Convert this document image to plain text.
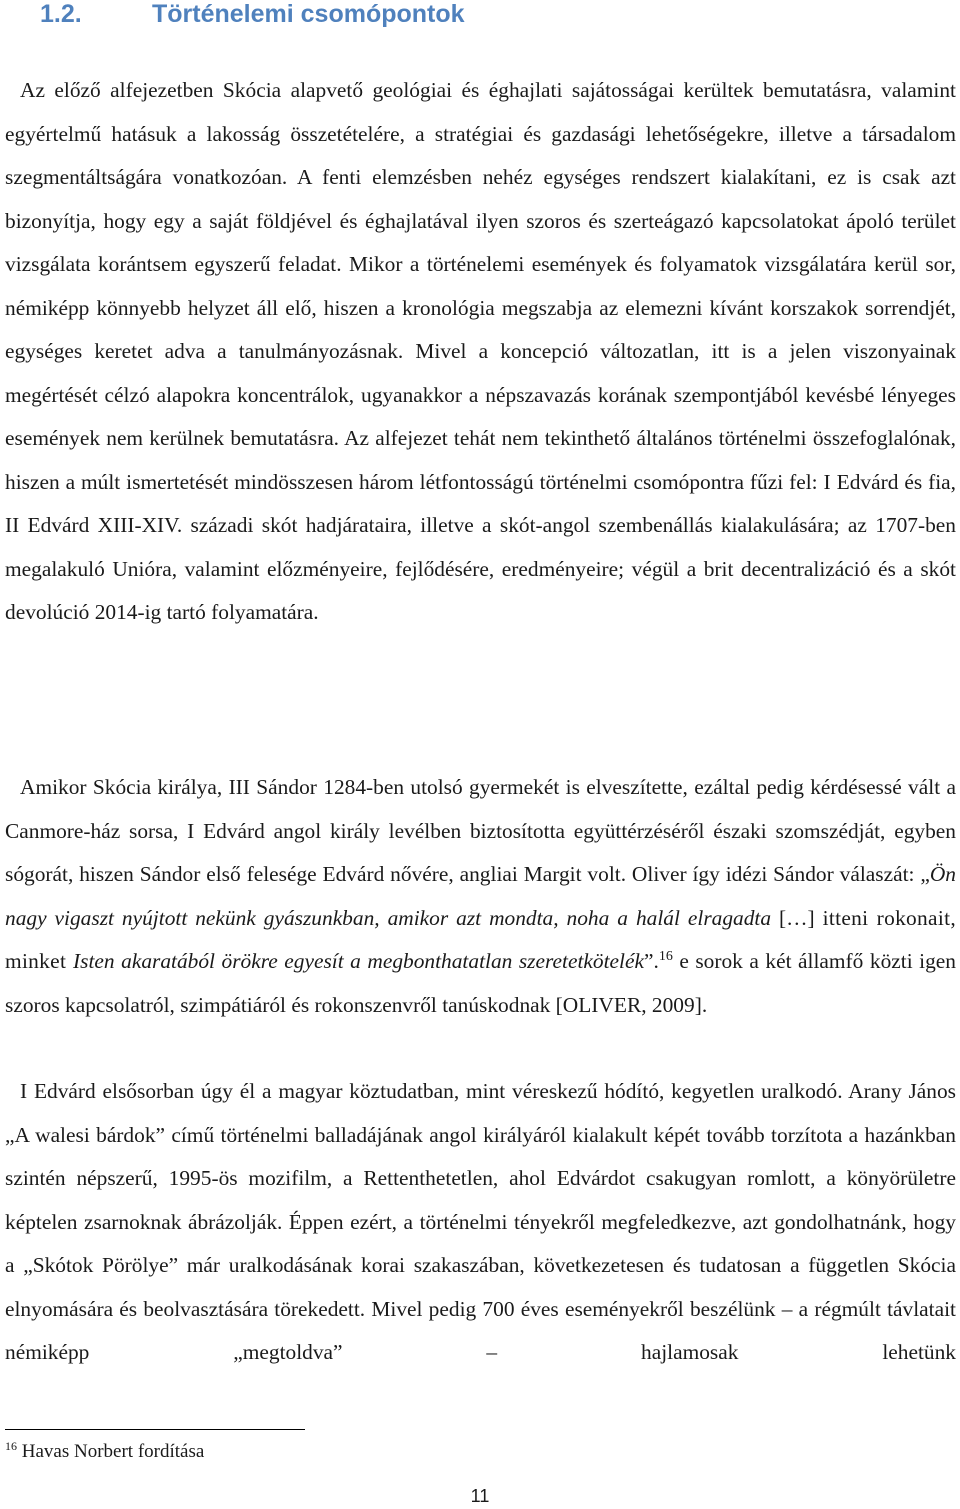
1.2.	Történelemi csomópontok

Az előző alfejezetben Skócia alapvető geológiai és éghajlati sajátosságai kerültek bemutatásra, valamint egyértelmű hatásuk a lakosság összetételére, a stratégiai és gazdasági lehetőségekre, illetve a társadalom szegmentáltságára vonatkozóan. A fenti elemzésben nehéz egységes rendszert kialakítani, ez is csak azt bizonyítja, hogy egy a saját földjével és éghajlatával ilyen szoros és szerteágazó kapcsolatokat ápoló terület vizsgálata korántsem egyszerű feladat. Mikor a történelemi események és folyamatok vizsgálatára kerül sor, némiképp könnyebb helyzet áll elő, hiszen a kronológia megszabja az elemezni kívánt korszakok sorrendjét, egységes keretet adva a tanulmányozásnak. Mivel a koncepció változatlan, itt is a jelen viszonyainak megértését célzó alapokra koncentrálok, ugyanakkor a népszavazás korának szempontjából kevésbé lényeges események nem kerülnek bemutatásra. Az alfejezet tehát nem tekinthető általános történelmi összefoglalónak, hiszen a múlt ismertetését mindösszesen három létfontosságú történelmi csomópontra fűzi fel: I Edvárd és fia, II Edvárd XIII-XIV. századi skót hadjárataira, illetve a skót-angol szembenállás kialakulására; az 1707-ben megalakuló Unióra, valamint előzményeire, fejlődésére, eredményeire; végül a brit decentralizáció és a skót devolúció 2014-ig tartó folyamatára.

Amikor Skócia királya, III Sándor 1284-ben utolsó gyermekét is elveszítette, ezáltal pedig kérdésessé vált a Canmore-ház sorsa, I Edvárd angol király levélben biztosította együttérzéséről északi szomszédját, egyben sógorát, hiszen Sándor első felesége Edvárd nővére, angliai Margit volt. Oliver így idézi Sándor válaszát: „Ön nagy vigaszt nyújtott nekünk gyászunkban, amikor azt mondta, noha a halál elragadta […] itteni rokonait, minket Isten akaratából örökre egyesít a megbonthatatlan szeretetkötelék”.$^{16}$ e sorok a két államfő közti igen szoros kapcsolatról, szimpátiáról és rokonszenvről tanúskodnak [OLIVER, 2009].

I Edvárd elsősorban úgy él a magyar köztudatban, mint véreskezű hódító, kegyetlen uralkodó. Arany János „A walesi bárdok” című történelmi balladájának angol királyáról kialakult képét tovább torzítota a hazánkban szintén népszerű, 1995-ös mozifilm, a Rettenthetetlen, ahol Edvárdot csakugyan romlott, a könyörületre képtelen zsarnoknak ábrázolják. Éppen ezért, a történelmi tényekről megfeledkezve, azt gondolhatnánk, hogy a „Skótok Pörölye” már uralkodásának korai szakaszában, következetesen és tudatosan a független Skócia elnyomására és beolvasztására törekedett. Mivel pedig 700 éves eseményekről beszélünk – a régmúlt távlatait némiképp „megtoldva” – hajlamosak lehetünk

$^{16}$ Havas Norbert fordítása

11
